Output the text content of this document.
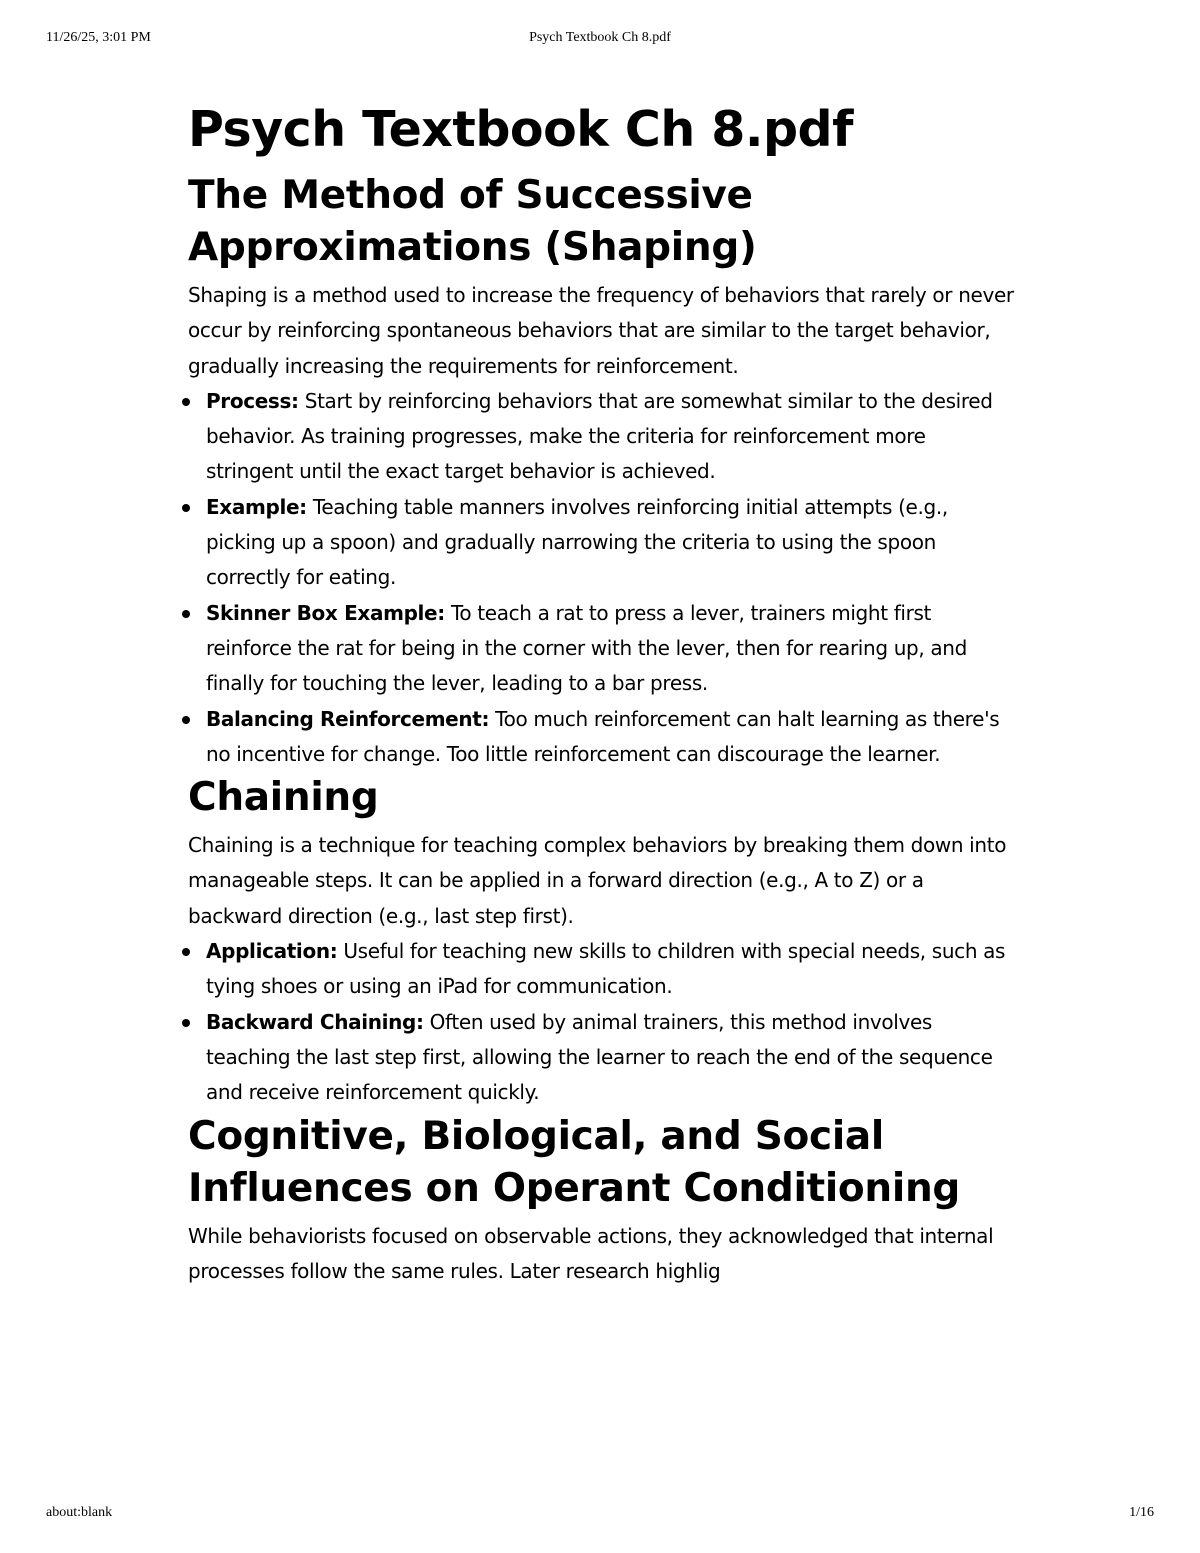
11/26/25, 3:01 PM	Psych Textbook Ch 8.pdf
Psych Textbook Ch 8.pdf
The Method of Successive Approximations (Shaping)

Shaping is a method used to increase the frequency of behaviors that rarely or never occur by reinforcing spontaneous behaviors that are similar to the target behavior, gradually increasing the requirements for reinforcement.

Process: Start by reinforcing behaviors that are somewhat similar to the desired behavior. As training progresses, make the criteria for reinforcement more stringent until the exact target behavior is achieved.
Example: Teaching table manners involves reinforcing initial attempts (e.g., picking up a spoon) and gradually narrowing the criteria to using the spoon correctly for eating.
Skinner Box Example: To teach a rat to press a lever, trainers might first reinforce the rat for being in the corner with the lever, then for rearing up, and finally for touching the lever, leading to a bar press.
Balancing Reinforcement: Too much reinforcement can halt learning as there's no incentive for change. Too little reinforcement can discourage the learner.
Chaining

Chaining is a technique for teaching complex behaviors by breaking them down into manageable steps. It can be applied in a forward direction (e.g., A to Z) or a backward direction (e.g., last step first).

Application: Useful for teaching new skills to children with special needs, such as tying shoes or using an iPad for communication.
Backward Chaining: Often used by animal trainers, this method involves teaching the last step first, allowing the learner to reach the end of the sequence and receive reinforcement quickly.
Cognitive, Biological, and Social Influences on Operant Conditioning

While behaviorists focused on observable actions, they acknowledged that internal processes follow the same rules. Later research highlig

about:blank	1/16
